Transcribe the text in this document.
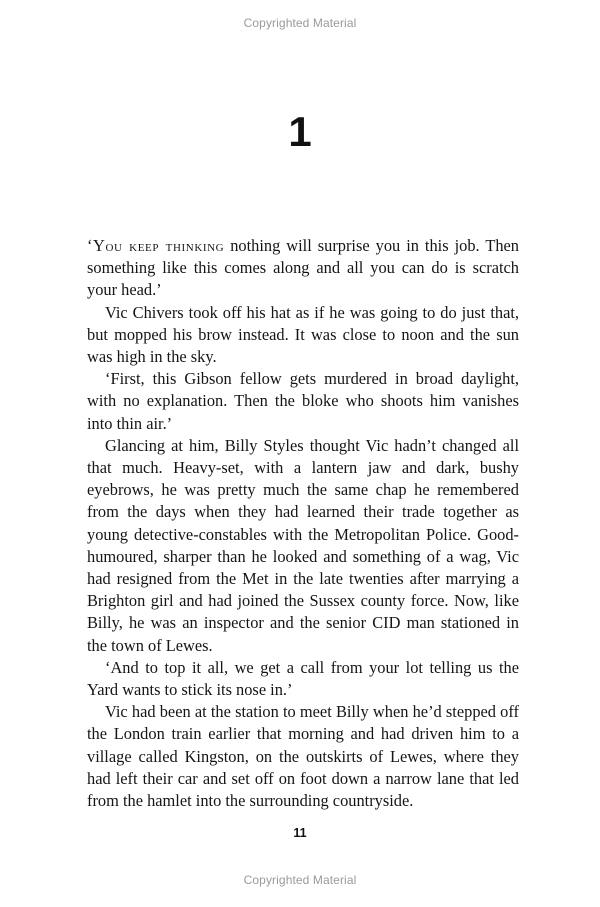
Copyrighted Material
1

‘You keep thinking nothing will surprise you in this job. Then something like this comes along and all you can do is scratch your head.’

Vic Chivers took off his hat as if he was going to do just that, but mopped his brow instead. It was close to noon and the sun was high in the sky.

‘First, this Gibson fellow gets murdered in broad daylight, with no explanation. Then the bloke who shoots him vanishes into thin air.’

Glancing at him, Billy Styles thought Vic hadn’t changed all that much. Heavy-set, with a lantern jaw and dark, bushy eyebrows, he was pretty much the same chap he remembered from the days when they had learned their trade together as young detective-constables with the Metropolitan Police. Good-humoured, sharper than he looked and something of a wag, Vic had resigned from the Met in the late twenties after marrying a Brighton girl and had joined the Sussex county force. Now, like Billy, he was an inspector and the senior CID man stationed in the town of Lewes.

‘And to top it all, we get a call from your lot telling us the Yard wants to stick its nose in.’

Vic had been at the station to meet Billy when he’d stepped off the London train earlier that morning and had driven him to a village called Kingston, on the outskirts of Lewes, where they had left their car and set off on foot down a narrow lane that led from the hamlet into the surrounding countryside.

11
Copyrighted Material
